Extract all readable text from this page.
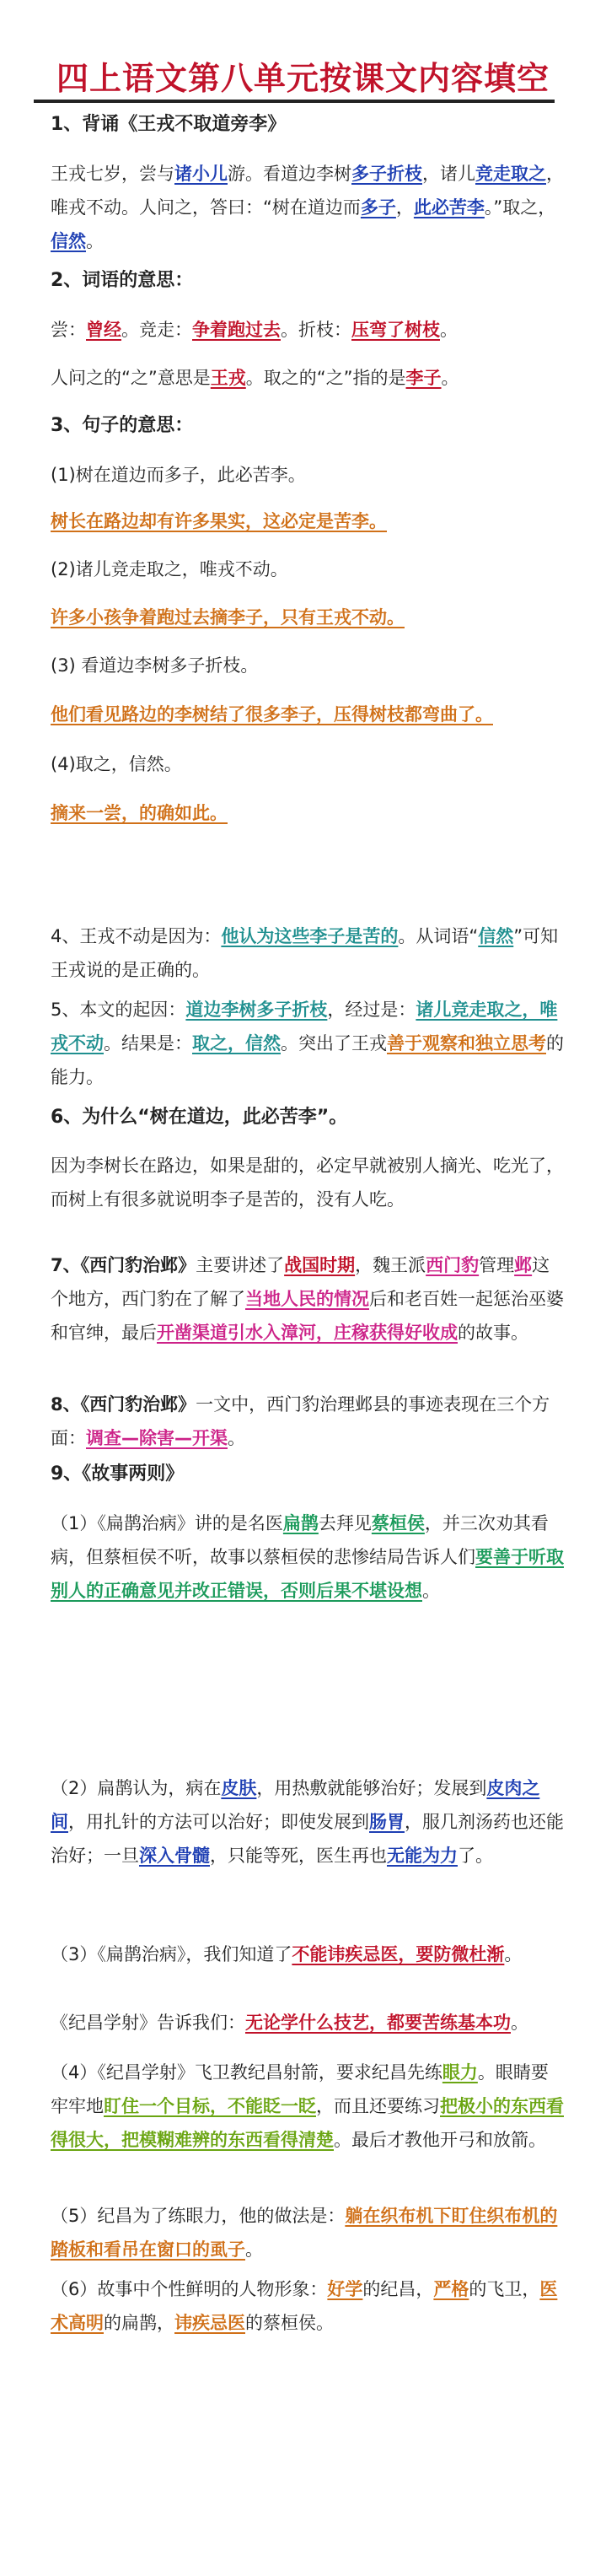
四上语文第八单元按课文内容填空
1、背诵《王戎不取道旁李》
王戎七岁，尝与诸小儿游。看道边李树多子折枝，诸儿竞走取之，唯戎不动。人问之，答曰：“树在道边而多子，此必苦李。”取之，信然。
2、词语的意思：
尝：曾经。竞走：争着跑过去。折枝：压弯了树枝。
人问之的“之”意思是王戎。取之的“之”指的是李子。
3、句子的意思：
(1)树在道边而多子，此必苦李。
树长在路边却有许多果实，这必定是苦李。
(2)诸儿竞走取之，唯戎不动。
许多小孩争着跑过去摘李子，只有王戎不动。
(3) 看道边李树多子折枝。
他们看见路边的李树结了很多李子，压得树枝都弯曲了。
(4)取之，信然。
摘来一尝，的确如此。
4、王戎不动是因为：他认为这些李子是苦的。从词语“信然”可知王戎说的是正确的。
5、本文的起因：道边李树多子折枝，经过是：诸儿竞走取之，唯戎不动。结果是：取之，信然。突出了王戎善于观察和独立思考的能力。
6、为什么“树在道边，此必苦李”。
因为李树长在路边，如果是甜的，必定早就被别人摘光、吃光了，而树上有很多就说明李子是苦的，没有人吃。
7、《西门豹治邺》主要讲述了战国时期，魏王派西门豹管理邺这个地方，西门豹在了解了当地人民的情况后和老百姓一起惩治巫婆和官绅，最后开凿渠道引水入漳河，庄稼获得好收成的故事。
8、《西门豹治邺》一文中，西门豹治理邺县的事迹表现在三个方面：调查—除害—开渠。
9、《故事两则》
（1）《扁鹊治病》讲的是名医扁鹊去拜见蔡桓侯，并三次劝其看病，但蔡桓侯不听，故事以蔡桓侯的悲惨结局告诉人们要善于听取别人的正确意见并改正错误，否则后果不堪设想。
（2）扁鹊认为，病在皮肤，用热敷就能够治好；发展到皮肉之间，用扎针的方法可以治好；即使发展到肠胃，服几剂汤药也还能治好；一旦深入骨髓，只能等死，医生再也无能为力了。
（3）《扁鹊治病》，我们知道了不能讳疾忌医，要防微杜渐。
《纪昌学射》告诉我们：无论学什么技艺，都要苦练基本功。
（4）《纪昌学射》飞卫教纪昌射箭，要求纪昌先练眼力。眼睛要牢牢地盯住一个目标，不能眨一眨，而且还要练习把极小的东西看得很大，把模糊难辨的东西看得清楚。最后才教他开弓和放箭。
（5）纪昌为了练眼力，他的做法是：躺在织布机下盯住织布机的踏板和看吊在窗口的虱子。
（6）故事中个性鲜明的人物形象：好学的纪昌，严格的飞卫，医术高明的扁鹊，讳疾忌医的蔡桓侯。
